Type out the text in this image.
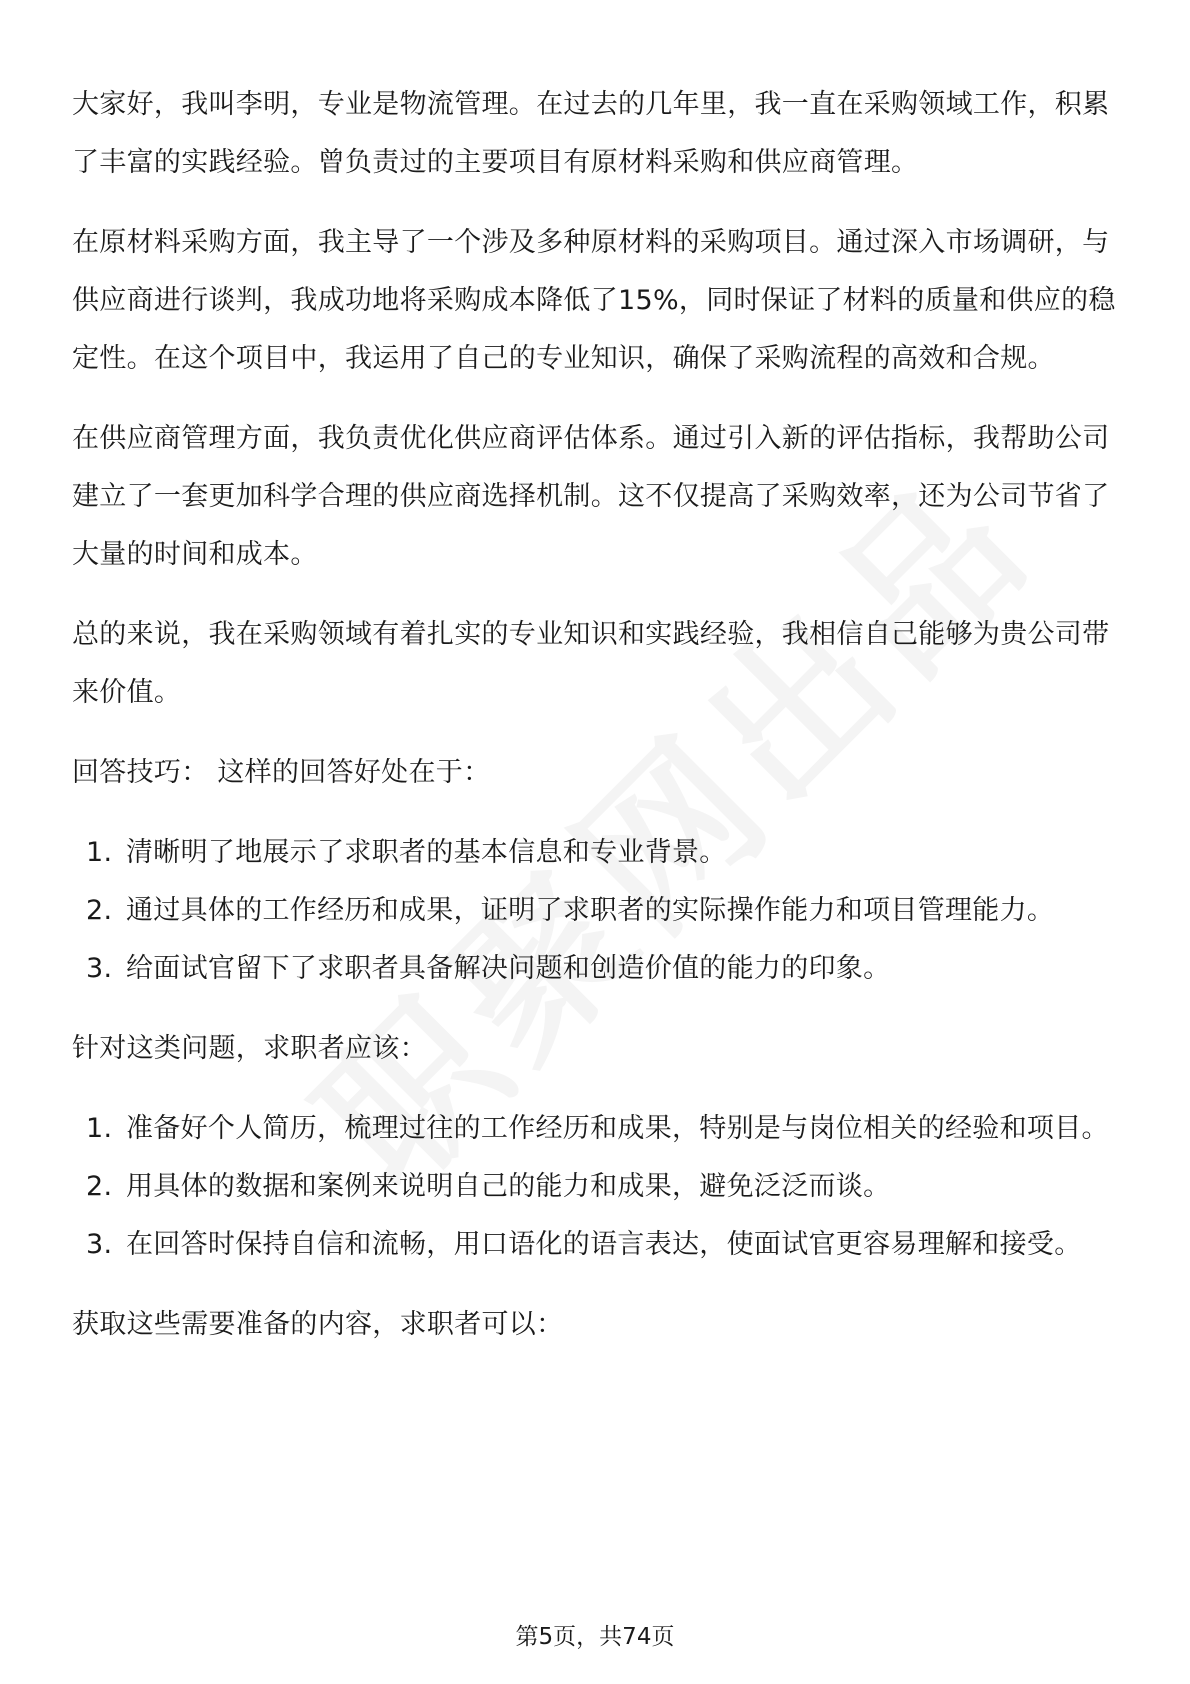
大家好，我叫李明，专业是物流管理。在过去的几年里，我一直在采购领域工作，积累了丰富的实践经验。曾负责过的主要项目有原材料采购和供应商管理。

在原材料采购方面，我主导了一个涉及多种原材料的采购项目。通过深入市场调研，与供应商进行谈判，我成功地将采购成本降低了15%，同时保证了材料的质量和供应的稳定性。在这个项目中，我运用了自己的专业知识，确保了采购流程的高效和合规。

在供应商管理方面，我负责优化供应商评估体系。通过引入新的评估指标，我帮助公司建立了一套更加科学合理的供应商选择机制。这不仅提高了采购效率，还为公司节省了大量的时间和成本。

总的来说，我在采购领域有着扎实的专业知识和实践经验，我相信自己能够为贵公司带来价值。

回答技巧： 这样的回答好处在于：

1. 清晰明了地展示了求职者的基本信息和专业背景。
2. 通过具体的工作经历和成果，证明了求职者的实际操作能力和项目管理能力。
3. 给面试官留下了求职者具备解决问题和创造价值的能力的印象。

针对这类问题，求职者应该：

1. 准备好个人简历，梳理过往的工作经历和成果，特别是与岗位相关的经验和项目。
2. 用具体的数据和案例来说明自己的能力和成果，避免泛泛而谈。
3. 在回答时保持自信和流畅，用口语化的语言表达，使面试官更容易理解和接受。

获取这些需要准备的内容，求职者可以：

第5页，共74页
